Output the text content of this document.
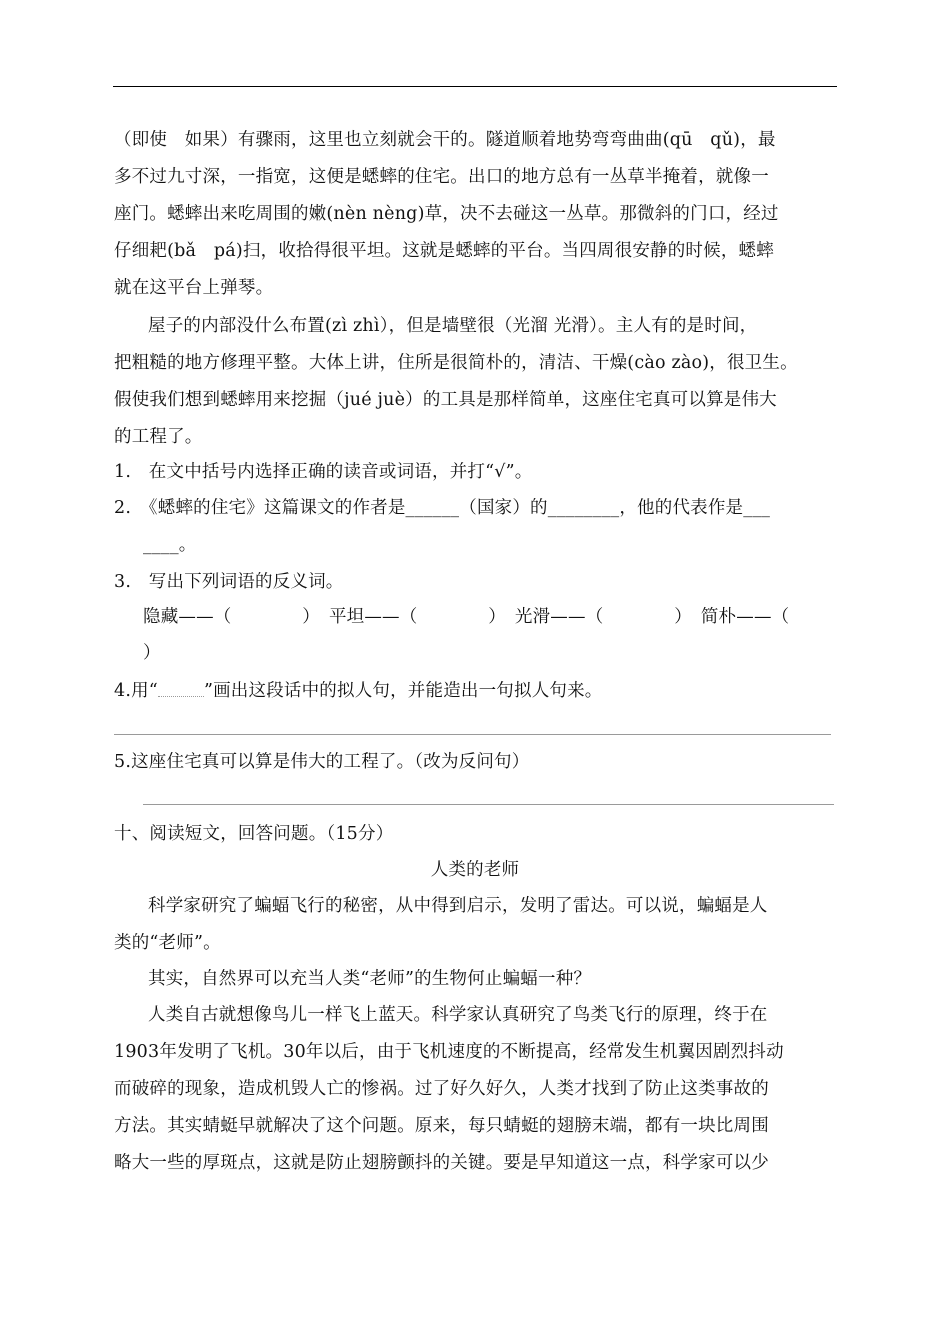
（即使　如果）有骤雨，这里也立刻就会干的。隧道顺着地势弯弯曲曲(qū　qǔ)，最
多不过九寸深，一指宽，这便是蟋蟀的住宅。出口的地方总有一丛草半掩着，就像一
座门。蟋蟀出来吃周围的嫩(nèn nèng)草，决不去碰这一丛草。那微斜的门口，经过
仔细耙(bǎ　pá)扫，收拾得很平坦。这就是蟋蟀的平台。当四周很安静的时候，蟋蟀
就在这平台上弹琴。
屋子的内部没什么布置(zì zhì），但是墙壁很（光溜 光滑）。主人有的是时间，
把粗糙的地方修理平整。大体上讲，住所是很简朴的，清洁、干燥(cào zào)，很卫生。
假使我们想到蟋蟀用来挖掘（jué juè）的工具是那样简单，这座住宅真可以算是伟大
的工程了。
1.　在文中括号内选择正确的读音或词语，并打“√”。
2.　《蟋蟀的住宅》这篇课文的作者是______（国家）的________，他的代表作是___
____。
3.　写出下列词语的反义词。
隐藏——（　　　　）　平坦——（　　　　）　光滑——（　　　　）　简朴——（
）
4.用“	”画出这段话中的拟人句，并能造出一句拟人句来。
5.这座住宅真可以算是伟大的工程了。（改为反问句）
十、阅读短文，回答问题。（15分）
人类的老师
科学家研究了蝙蝠飞行的秘密，从中得到启示，发明了雷达。可以说，蝙蝠是人
类的“老师”。
其实，自然界可以充当人类“老师”的生物何止蝙蝠一种？
人类自古就想像鸟儿一样飞上蓝天。科学家认真研究了鸟类飞行的原理，终于在
1903年发明了飞机。30年以后，由于飞机速度的不断提高，经常发生机翼因剧烈抖动
而破碎的现象，造成机毁人亡的惨祸。过了好久好久，人类才找到了防止这类事故的
方法。其实蜻蜓早就解决了这个问题。原来，每只蜻蜓的翅膀末端，都有一块比周围
略大一些的厚斑点，这就是防止翅膀颤抖的关键。要是早知道这一点，科学家可以少
